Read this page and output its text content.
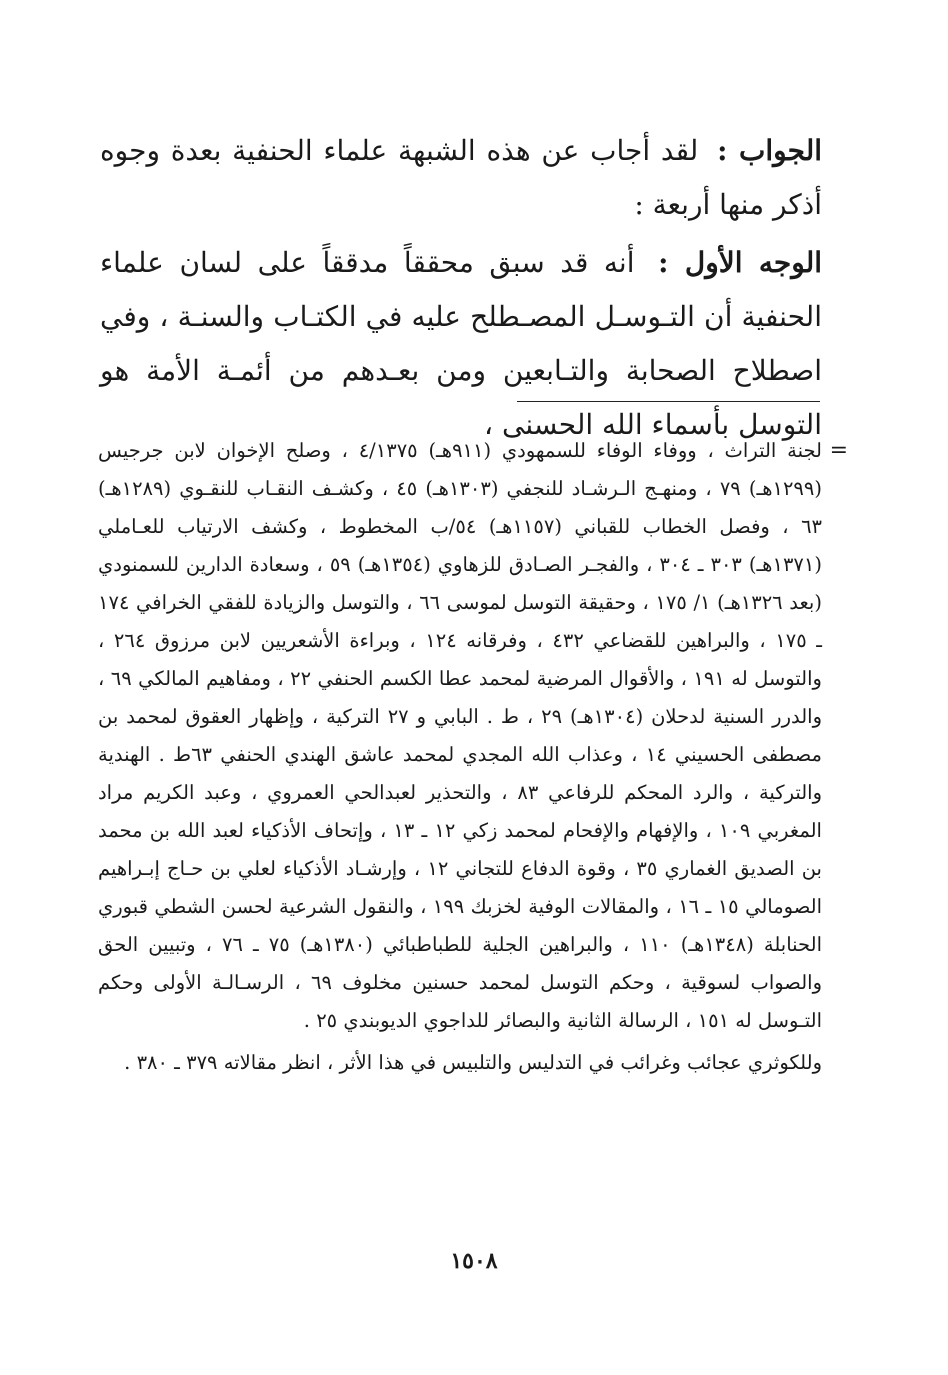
الجواب : لقد أجاب عن هذه الشبهة علماء الحنفية بعدة وجوه أذكر منها أربعة :

الوجه الأول : أنه قد سبق محققاً مدققاً على لسان علماء الحنفية أن التـوسـل المصـطلح عليه في الكتـاب والسنـة ، وفي اصطلاح الصحابة والتـابعين ومن بعـدهم من أئمـة الأمة هو التوسل بأسماء الله الحسنى ،

=
لجنة التراث ، ووفاء الوفاء للسمهودي (٩١١هـ) ٤/١٣٧٥ ، وصلح الإخوان لابن جرجيس (١٢٩٩هـ) ٧٩ ، ومنهـج الـرشـاد للنجفي (١٣٠٣هـ) ٤٥ ، وكشـف النقـاب للنقـوي (١٢٨٩هـ) ٦٣ ، وفصل الخطاب للقباني (١١٥٧هـ) ٥٤/ب المخطوط ، وكشف الارتياب للعـاملي (١٣٧١هـ) ٣٠٣ ـ ٣٠٤ ، والفجـر الصـادق للزهاوي (١٣٥٤هـ) ٥٩ ، وسعادة الدارين للسمنودي (بعد ١٣٢٦هـ) ١/ ١٧٥ ، وحقيقة التوسل لموسى ٦٦ ، والتوسل والزيادة للفقي الخرافي ١٧٤ ـ ١٧٥ ، والبراهين للقضاعي ٤٣٢ ، وفرقانه ١٢٤ ، وبراءة الأشعريين لابن مرزوق ٢٦٤ ، والتوسل له ١٩١ ، والأقوال المرضية لمحمد عطا الكسم الحنفي ٢٢ ، ومفاهيم المالكي ٦٩ ، والدرر السنية لدحلان (١٣٠٤هـ) ٢٩ ، ط . البابي و ٢٧ التركية ، وإظهار العقوق لمحمد بن مصطفى الحسيني ١٤ ، وعذاب الله المجدي لمحمد عاشق الهندي الحنفي ٦٣ط . الهندية والتركية ، والرد المحكم للرفاعي ٨٣ ، والتحذير لعبدالحي العمروي ، وعبد الكريم مراد المغربي ١٠٩ ، والإفهام والإفحام لمحمد زكي ١٢ ـ ١٣ ، وإتحاف الأذكياء لعبد الله بن محمد بن الصديق الغماري ٣٥ ، وقوة الدفاع للتجاني ١٢ ، وإرشـاد الأذكياء لعلي بن حـاج إبـراهيم الصومالي ١٥ ـ ١٦ ، والمقالات الوفية لخزبك ١٩٩ ، والنقول الشرعية لحسن الشطي قبوري الحنابلة (١٣٤٨هـ) ١١٠ ، والبراهين الجلية للطباطبائي (١٣٨٠هـ) ٧٥ ـ ٧٦ ، وتبيين الحق والصواب لسوقية ، وحكم التوسل لمحمد حسنين مخلوف ٦٩ ، الرسـالـة الأولى وحكم التـوسل له ١٥١ ، الرسالة الثانية والبصائر للداجوي الديوبندي ٢٥ .

وللكوثري عجائب وغرائب في التدليس والتلبيس في هذا الأثر ، انظر مقالاته ٣٧٩ ـ ٣٨٠ .

١٥٠٨
